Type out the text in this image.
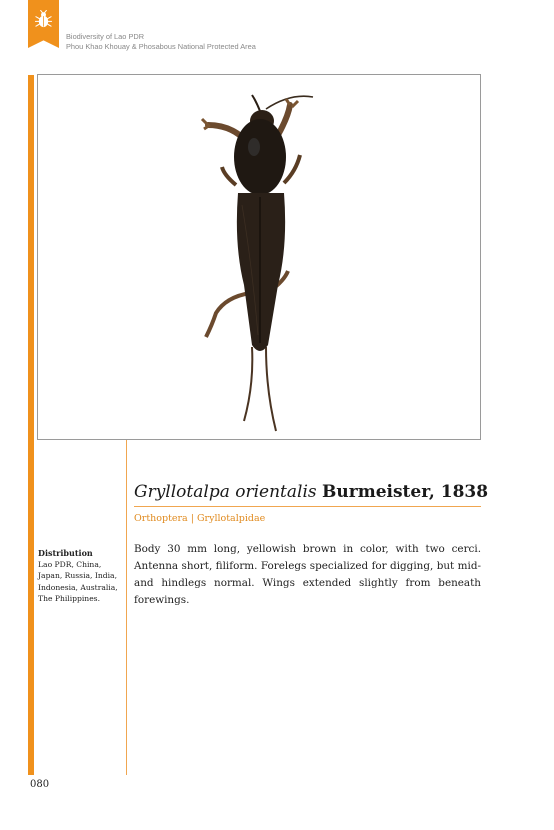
Biodiversity of Lao PDR
Phou Khao Khouay & Phosabous National Protected Area
Gryllotalpa orientalis Burmeister, 1838
Orthoptera | Gryllotalpidae
Distribution
Lao PDR, China, Japan, Russia, India, Indonesia, Australia, The Philippines.
Body 30 mm long, yellowish brown in color, with two cerci. Antenna short, filiform. Forelegs specialized for digging, but mid- and hindlegs normal. Wings extended slightly from beneath forewings.
080
